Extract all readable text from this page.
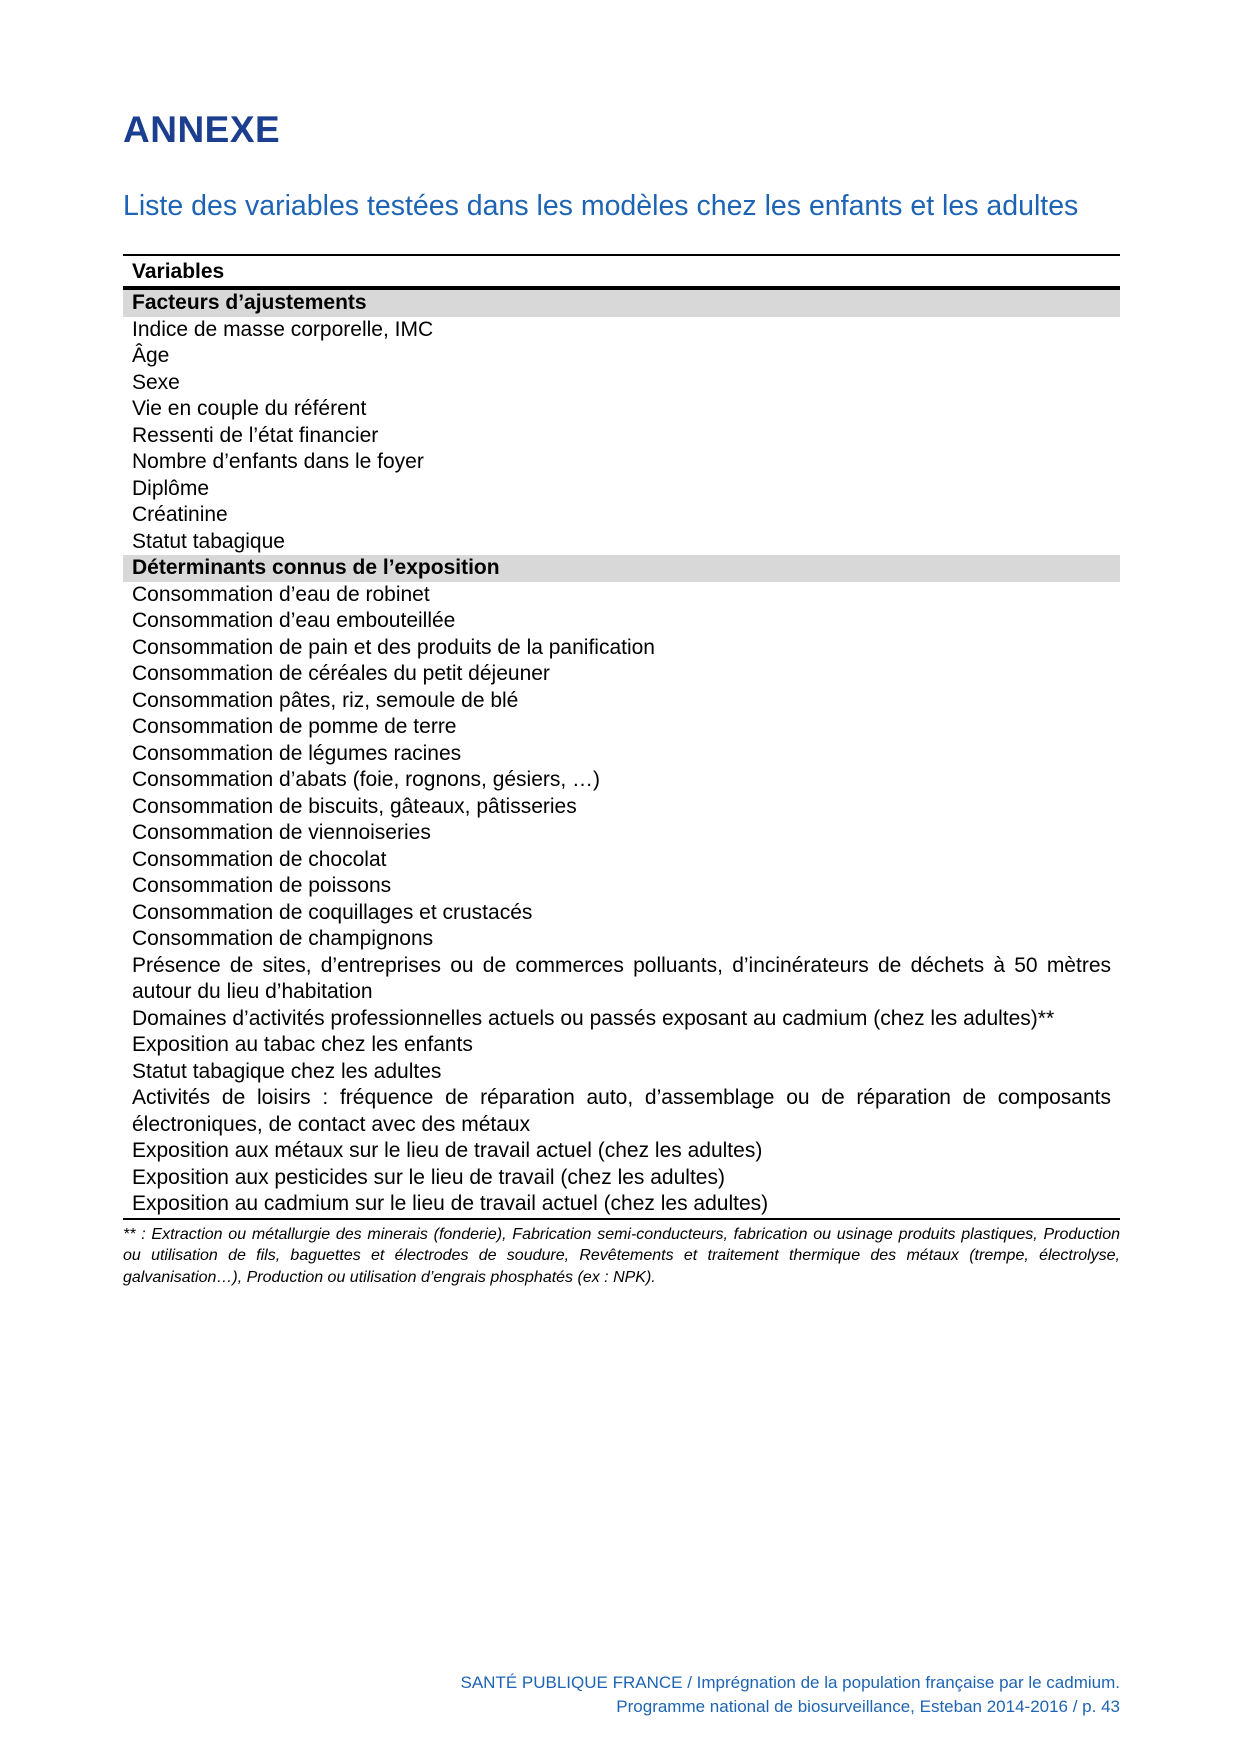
ANNEXE
Liste des variables testées dans les modèles chez les enfants et les adultes
Variables
Facteurs d’ajustements
Indice de masse corporelle, IMC
Âge
Sexe
Vie en couple du référent
Ressenti de l’état financier
Nombre d’enfants dans le foyer
Diplôme
Créatinine
Statut tabagique
Déterminants connus de l’exposition
Consommation d’eau de robinet
Consommation d’eau embouteillée
Consommation de pain et des produits de la panification
Consommation de céréales du petit déjeuner
Consommation pâtes, riz, semoule de blé
Consommation de pomme de terre
Consommation de légumes racines
Consommation d’abats (foie, rognons, gésiers, …)
Consommation de biscuits, gâteaux, pâtisseries
Consommation de viennoiseries
Consommation de chocolat
Consommation de poissons
Consommation de coquillages et crustacés
Consommation de champignons
Présence de sites, d’entreprises ou de commerces polluants, d’incinérateurs de déchets à 50 mètres autour du lieu d’habitation
Domaines d’activités professionnelles actuels ou passés exposant au cadmium (chez les adultes)**
Exposition au tabac chez les enfants
Statut tabagique chez les adultes
Activités de loisirs : fréquence de réparation auto, d’assemblage ou de réparation de composants électroniques, de contact avec des métaux
Exposition aux métaux sur le lieu de travail actuel (chez les adultes)
Exposition aux pesticides sur le lieu de travail (chez les adultes)
Exposition au cadmium sur le lieu de travail actuel (chez les adultes)

** : Extraction ou métallurgie des minerais (fonderie), Fabrication semi-conducteurs, fabrication ou usinage produits plastiques, Production ou utilisation de fils, baguettes et électrodes de soudure, Revêtements et traitement thermique des métaux (trempe, électrolyse, galvanisation…), Production ou utilisation d’engrais phosphatés (ex : NPK).

SANTÉ PUBLIQUE FRANCE / Imprégnation de la population française par le cadmium.
Programme national de biosurveillance, Esteban 2014-2016 / p. 43
